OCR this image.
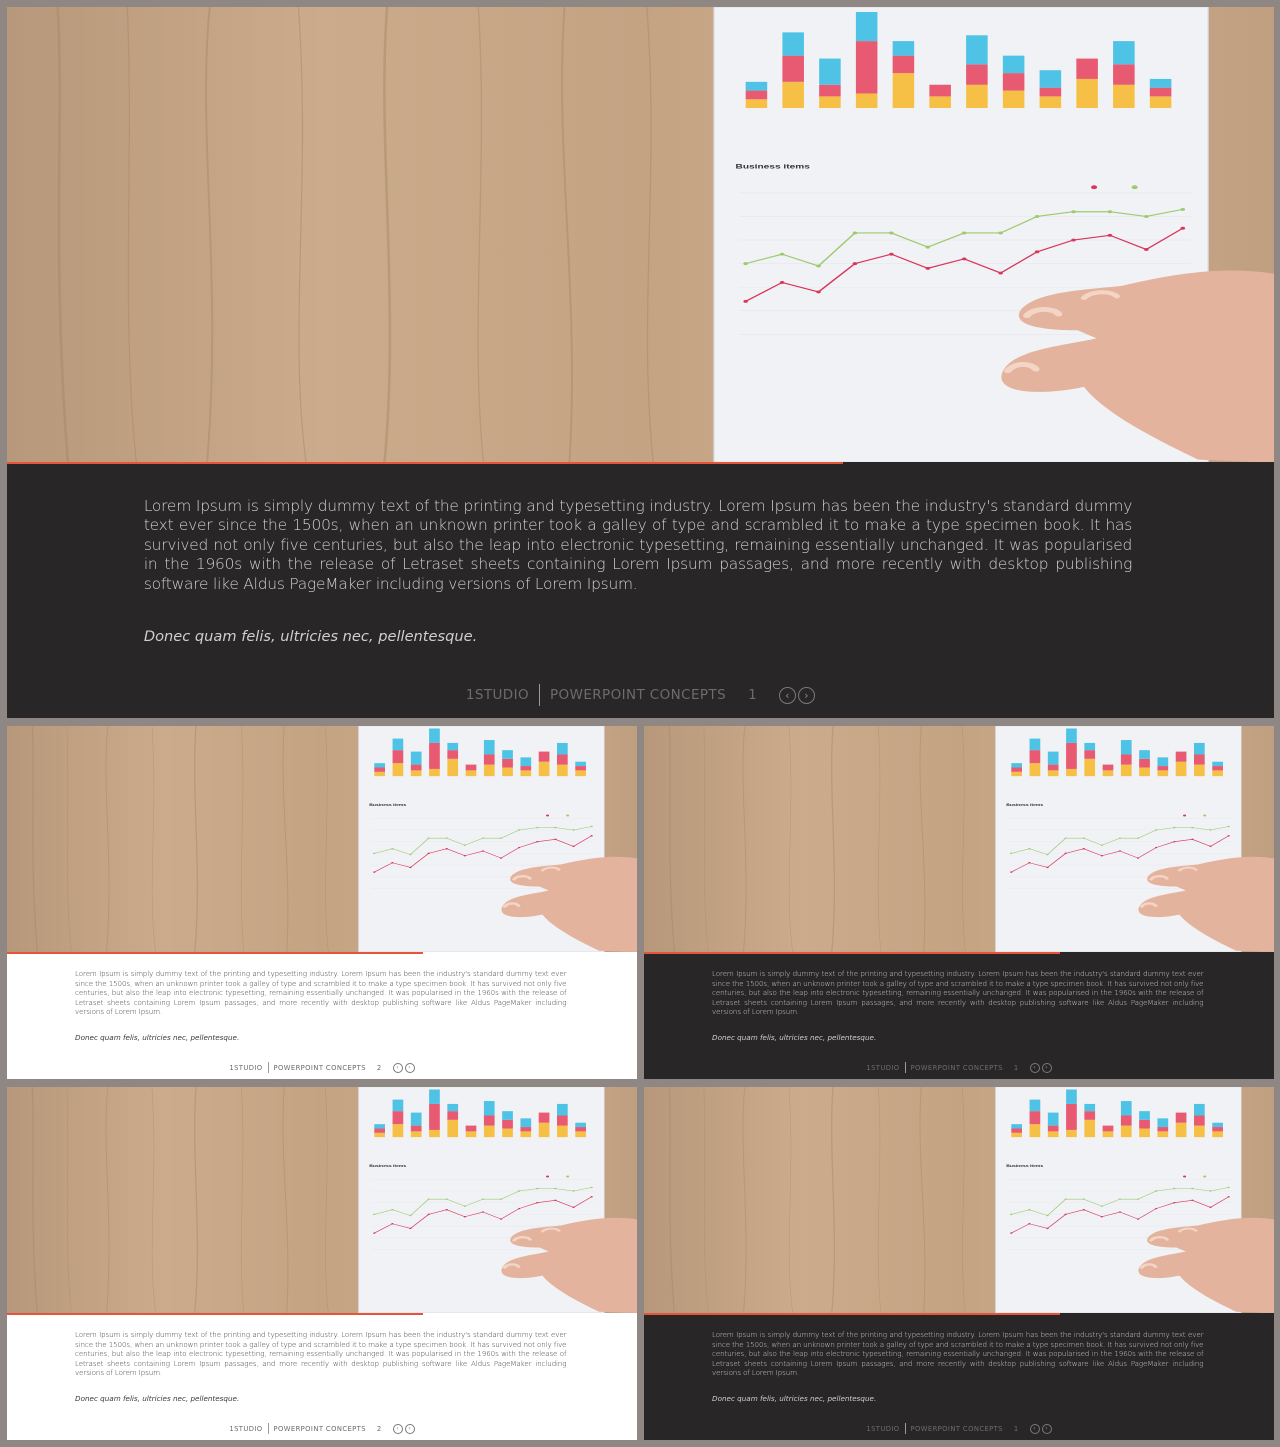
Business items

Lorem Ipsum is simply dummy text of the printing and typesetting industry. Lorem Ipsum has been the industry's standard dummy text ever since the 1500s, when an unknown printer took a galley of type and scrambled it to make a type specimen book. It has survived not only five centuries, but also the leap into electronic typesetting, remaining essentially unchanged. It was popularised in the 1960s with the release of Letraset sheets containing Lorem Ipsum passages, and more recently with desktop publishing software like Aldus PageMaker including versions of Lorem Ipsum.

Donec quam felis, ultricies nec, pellentesque.

1STUDIO POWERPOINT CONCEPTS 1	‹	›
Business items

Lorem Ipsum is simply dummy text of the printing and typesetting industry. Lorem Ipsum has been the industry's standard dummy text ever since the 1500s, when an unknown printer took a galley of type and scrambled it to make a type specimen book. It has survived not only five centuries, but also the leap into electronic typesetting, remaining essentially unchanged. It was popularised in the 1960s with the release of Letraset sheets containing Lorem Ipsum passages, and more recently with desktop publishing software like Aldus PageMaker including versions of Lorem Ipsum.

Donec quam felis, ultricies nec, pellentesque.

1STUDIO POWERPOINT CONCEPTS 2	‹	›
Business items

Lorem Ipsum is simply dummy text of the printing and typesetting industry. Lorem Ipsum has been the industry's standard dummy text ever since the 1500s, when an unknown printer took a galley of type and scrambled it to make a type specimen book. It has survived not only five centuries, but also the leap into electronic typesetting, remaining essentially unchanged. It was popularised in the 1960s with the release of Letraset sheets containing Lorem Ipsum passages, and more recently with desktop publishing software like Aldus PageMaker including versions of Lorem Ipsum.

Donec quam felis, ultricies nec, pellentesque.

1STUDIO POWERPOINT CONCEPTS 1	‹	›
Business items

Lorem Ipsum is simply dummy text of the printing and typesetting industry. Lorem Ipsum has been the industry's standard dummy text ever since the 1500s, when an unknown printer took a galley of type and scrambled it to make a type specimen book. It has survived not only five centuries, but also the leap into electronic typesetting, remaining essentially unchanged. It was popularised in the 1960s with the release of Letraset sheets containing Lorem Ipsum passages, and more recently with desktop publishing software like Aldus PageMaker including versions of Lorem Ipsum.

Donec quam felis, ultricies nec, pellentesque.

1STUDIO POWERPOINT CONCEPTS 2	‹	›
Business items

Lorem Ipsum is simply dummy text of the printing and typesetting industry. Lorem Ipsum has been the industry's standard dummy text ever since the 1500s, when an unknown printer took a galley of type and scrambled it to make a type specimen book. It has survived not only five centuries, but also the leap into electronic typesetting, remaining essentially unchanged. It was popularised in the 1960s with the release of Letraset sheets containing Lorem Ipsum passages, and more recently with desktop publishing software like Aldus PageMaker including versions of Lorem Ipsum.

Donec quam felis, ultricies nec, pellentesque.

1STUDIO POWERPOINT CONCEPTS 1	‹	›
